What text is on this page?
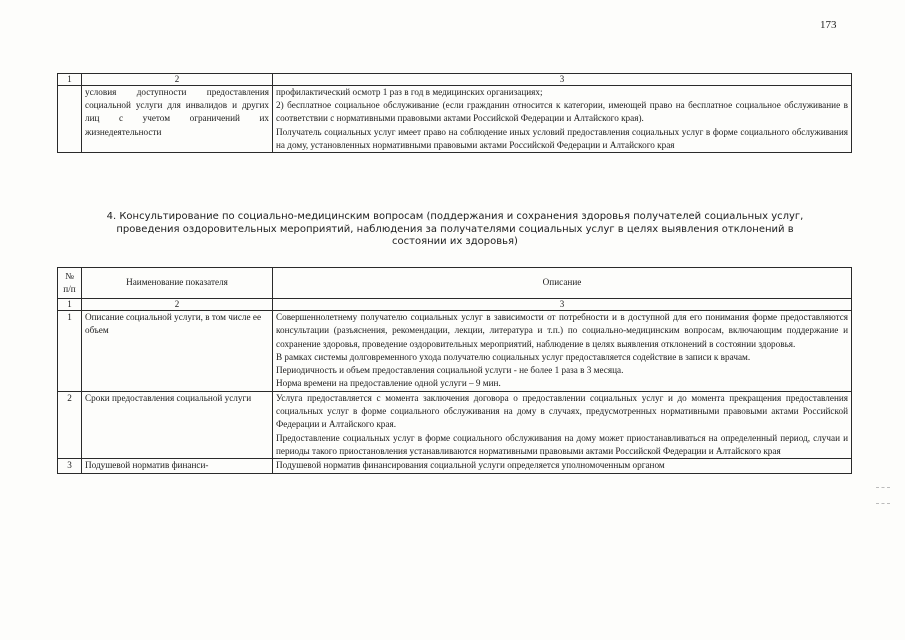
173
1	2	3
	условия доступности предоставления социальной услуги для инвалидов и других лиц с учетом ограничений их жизнедеятельности	профилактический осмотр 1 раз в год в медицинских организациях;

2) бесплатное социальное обслуживание (если гражданин относится к категории, имеющей право на бесплатное социальное обслуживание в соответствии с нормативными правовыми актами Российской Федерации и Алтайского края).

Получатель социальных услуг имеет право на соблюдение иных условий предоставления социальных услуг в форме социального обслуживания на дому, установленных нормативными правовыми актами Российской Федерации и Алтайского края

4. Консультирование по социально-медицинским вопросам (поддержания и сохранения здоровья получателей социальных услуг, проведения оздоровительных мероприятий, наблюдения за получателями социальных услуг в целях выявления отклонений в состоянии их здоровья)
№ п/п	Наименование показателя	Описание
1	2	3
1	Описание социальной услуги, в том числе ее объем	Совершеннолетнему получателю социальных услуг в зависимости от потребности и в доступной для его понимания форме предоставляются консультации (разъяснения, рекомендации, лекции, литература и т.п.) по социально-медицинским вопросам, включающим поддержание и сохранение здоровья, проведение оздоровительных мероприятий, наблюдение в целях выявления отклонений в состоянии здоровья.

В рамках системы долговременного ухода получателю социальных услуг предоставляется содействие в записи к врачам.

Периодичность и объем предоставления социальной услуги - не более 1 раза в 3 месяца.

Норма времени на предоставление одной услуги – 9 мин.

2	Сроки предоставления социальной услуги	Услуга предоставляется с момента заключения договора о предоставлении социальных услуг и до момента прекращения предоставления социальных услуг в форме социального обслуживания на дому в случаях, предусмотренных нормативными правовыми актами Российской Федерации и Алтайского края.

Предоставление социальных услуг в форме социального обслуживания на дому может приостанавливаться на определенный период, случаи и периоды такого приостановления устанавливаются нормативными правовыми актами Российской Федерации и Алтайского края

3	Подушевой норматив финанси-	Подушевой норматив финансирования социальной услуги определяется уполномоченным органом
